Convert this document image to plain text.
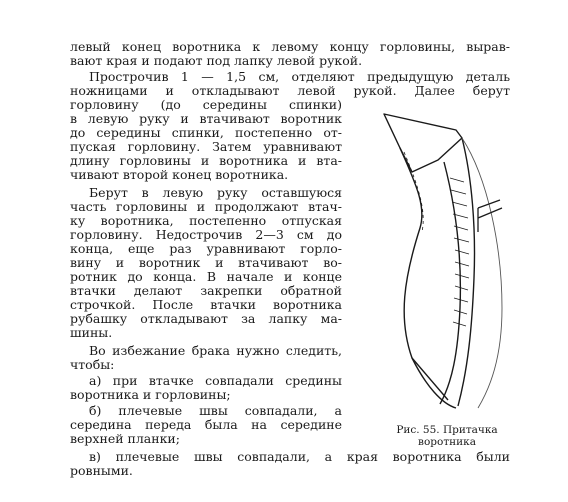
левый конец воротника к левому концу горловины, вырав-
вают края и подают под лапку левой рукой.
Прострочив 1 — 1,5 см, отделяют предыдущую деталь
ножницами и откладывают левой рукой. Далее берут
горловину (до середины спинки)
в левую руку и втачивают воротник
до середины спинки, постепенно от-
пуская горловину. Затем уравнивают
длину горловины и воротника и вта-
чивают второй конец воротника.
Берут в левую руку оставшуюся
часть горловины и продолжают втач-
ку воротника, постепенно отпуская
горловину. Недострочив 2—3 см до
конца, еще раз уравнивают горло-
вину и воротник и втачивают во-
ротник до конца. В начале и конце
втачки делают закрепки обратной
строчкой. После втачки воротника
рубашку откладывают за лапку ма-
шины.
Во избежание брака нужно следить,
чтобы:
а) при втачке совпадали средины
воротника и горловины;
б) плечевые швы совпадали, а
середина переда была на середине
верхней планки;
в) плечевые швы совпадали, а края воротника были
ровными.
Рис. 55. Притачка
воротника
